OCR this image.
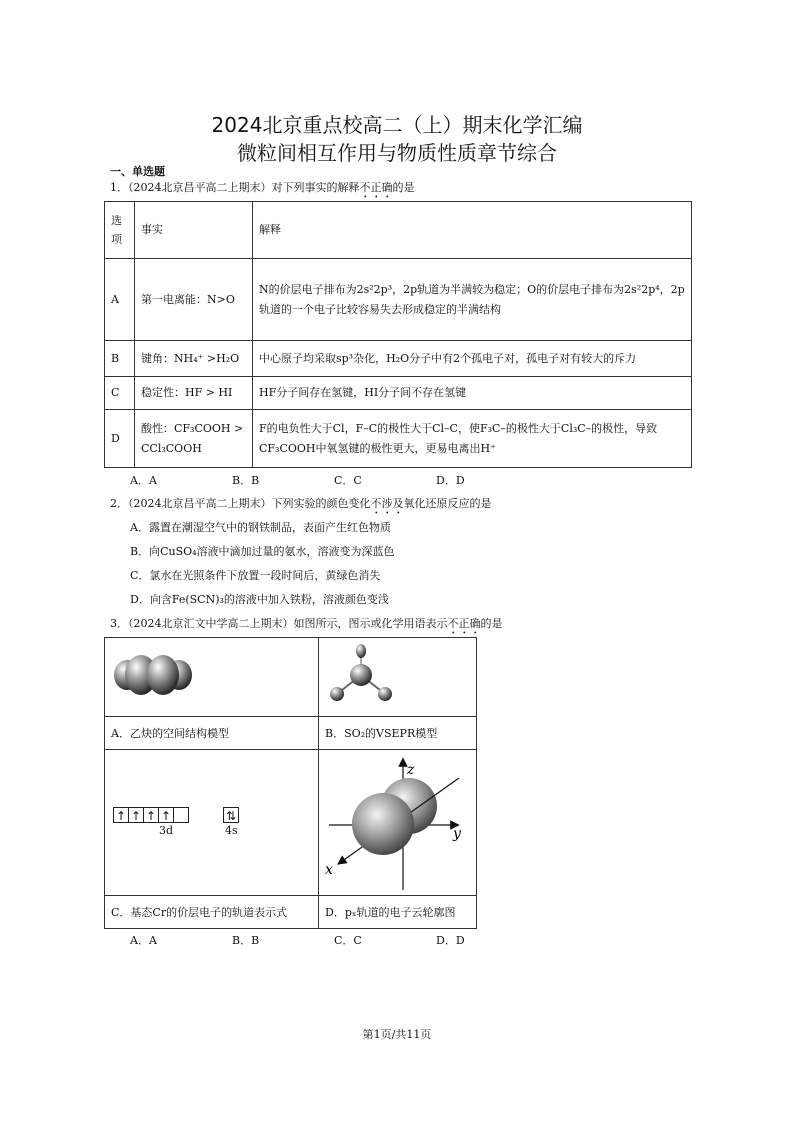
2024北京重点校高二（上）期末化学汇编
微粒间相互作用与物质性质章节综合
一、单选题
1．（2024北京昌平高二上期末）对下列事实的解释不正确的是
选项	事实	解释
A	第一电离能：N>O	N的价层电子排布为2s²2p³，2p轨道为半满较为稳定；O的价层电子排布为2s²2p⁴，2p轨道的一个电子比较容易失去形成稳定的半满结构
B	键角：NH₄⁺ >H₂O	中心原子均采取sp³杂化，H₂O分子中有2个孤电子对，孤电子对有较大的斥力
C	稳定性：HF > HI	HF分子间存在氢键，HI分子间不存在氢键
D	酸性：CF₃COOH > CCl₃COOH	F的电负性大于Cl，F–C的极性大于Cl–C，使F₃C–的极性大于Cl₃C–的极性，导致CF₃COOH中氧氢键的极性更大，更易电离出H⁺
A．A	B．B	C．C	D．D
2．（2024北京昌平高二上期末）下列实验的颜色变化不涉及氧化还原反应的是
A．露置在潮湿空气中的钢铁制品，表面产生红色物质
B．向CuSO₄溶液中滴加过量的氨水，溶液变为深蓝色
C．氯水在光照条件下放置一段时间后，黄绿色消失
D．向含Fe(SCN)₃的溶液中加入铁粉，溶液颜色变浅
3．（2024北京汇文中学高二上期末）如图所示，图示或化学用语表示不正确的是
A．乙炔的空间结构模型	B．SO₂的VSEPR模型
↑ ↑ ↑ ↑	⇅
3d	4s
z
y
x
C．基态Cr的价层电子的轨道表示式	D．pₓ轨道的电子云轮廓图
A．A	B．B	C．C	D．D
第1页/共11页
